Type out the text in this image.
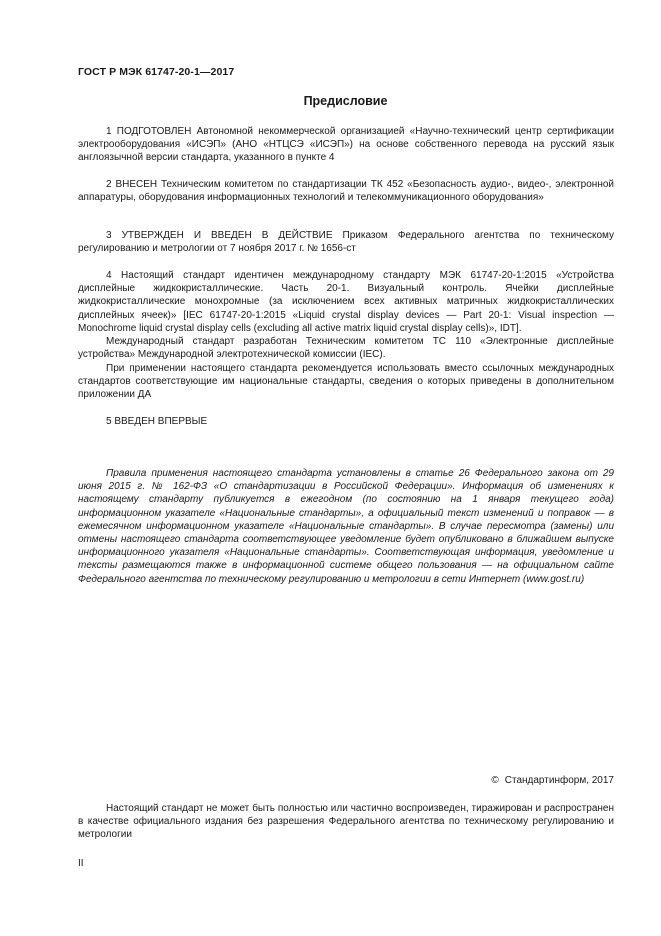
ГОСТ Р МЭК 61747-20-1—2017
Предисловие

1 ПОДГОТОВЛЕН Автономной некоммерческой организацией «Научно-технический центр сертификации электрооборудования «ИСЭП» (АНО «НТЦСЭ «ИСЭП») на основе собственного перевода на русский язык англоязычной версии стандарта, указанного в пункте 4

2 ВНЕСЕН Техническим комитетом по стандартизации ТК 452 «Безопасность аудио-, видео-, электронной аппаратуры, оборудования информационных технологий и телекоммуникационного оборудования»

3 УТВЕРЖДЕН И ВВЕДЕН В ДЕЙСТВИЕ Приказом Федерального агентства по техническому регулированию и метрологии от 7 ноября 2017 г. № 1656-ст

4 Настоящий стандарт идентичен международному стандарту МЭК 61747-20-1:2015 «Устройства дисплейные жидкокристаллические. Часть 20-1. Визуальный контроль. Ячейки дисплейные жидкокристаллические монохромные (за исключением всех активных матричных жидкокристаллических дисплейных ячеек)» [IEC 61747-20-1:2015 «Liquid crystal display devices — Part 20-1: Visual inspection — Monochrome liquid crystal display cells (excluding all active matrix liquid crystal display cells)», IDT].

Международный стандарт разработан Техническим комитетом ТС 110 «Электронные дисплейные устройства» Международной электротехнической комиссии (IEC).

При применении настоящего стандарта рекомендуется использовать вместо ссылочных международных стандартов соответствующие им национальные стандарты, сведения о которых приведены в дополнительном приложении ДА

5 ВВЕДЕН ВПЕРВЫЕ

Правила применения настоящего стандарта установлены в статье 26 Федерального закона от 29 июня 2015 г. № 162-ФЗ «О стандартизации в Российской Федерации». Информация об изменениях к настоящему стандарту публикуется в ежегодном (по состоянию на 1 января текущего года) информационном указателе «Национальные стандарты», а официальный текст изменений и поправок — в ежемесячном информационном указателе «Национальные стандарты». В случае пересмотра (замены) или отмены настоящего стандарта соответствующее уведомление будет опубликовано в ближайшем выпуске информационного указателя «Национальные стандарты». Соответствующая информация, уведомление и тексты размещаются также в информационной системе общего пользования — на официальном сайте Федерального агентства по техническому регулированию и метрологии в сети Интернет (www.gost.ru)

© Стандартинформ, 2017

Настоящий стандарт не может быть полностью или частично воспроизведен, тиражирован и распространен в качестве официального издания без разрешения Федерального агентства по техническому регулированию и метрологии

II
